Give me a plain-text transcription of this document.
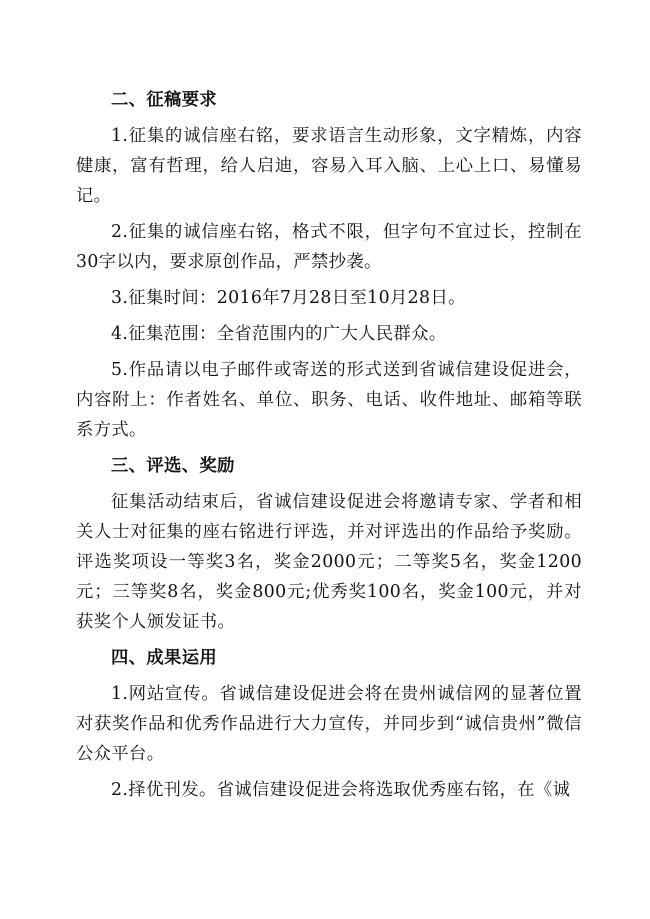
二、征稿要求
1.征集的诚信座右铭，要求语言生动形象，文字精炼，内容健康，富有哲理，给人启迪，容易入耳入脑、上心上口、易懂易记。
2.征集的诚信座右铭，格式不限，但字句不宜过长，控制在30字以内，要求原创作品，严禁抄袭。
3.征集时间：2016年7月28日至10月28日。
4.征集范围：全省范围内的广大人民群众。
5.作品请以电子邮件或寄送的形式送到省诚信建设促进会，内容附上：作者姓名、单位、职务、电话、收件地址、邮箱等联系方式。
三、评选、奖励
征集活动结束后，省诚信建设促进会将邀请专家、学者和相关人士对征集的座右铭进行评选，并对评选出的作品给予奖励。评选奖项设一等奖3名，奖金2000元；二等奖5名，奖金1200元；三等奖8名，奖金800元;优秀奖100名，奖金100元，并对获奖个人颁发证书。
四、成果运用
1.网站宣传。省诚信建设促进会将在贵州诚信网的显著位置对获奖作品和优秀作品进行大力宣传，并同步到“诚信贵州”微信公众平台。
2.择优刊发。省诚信建设促进会将选取优秀座右铭，在《诚
